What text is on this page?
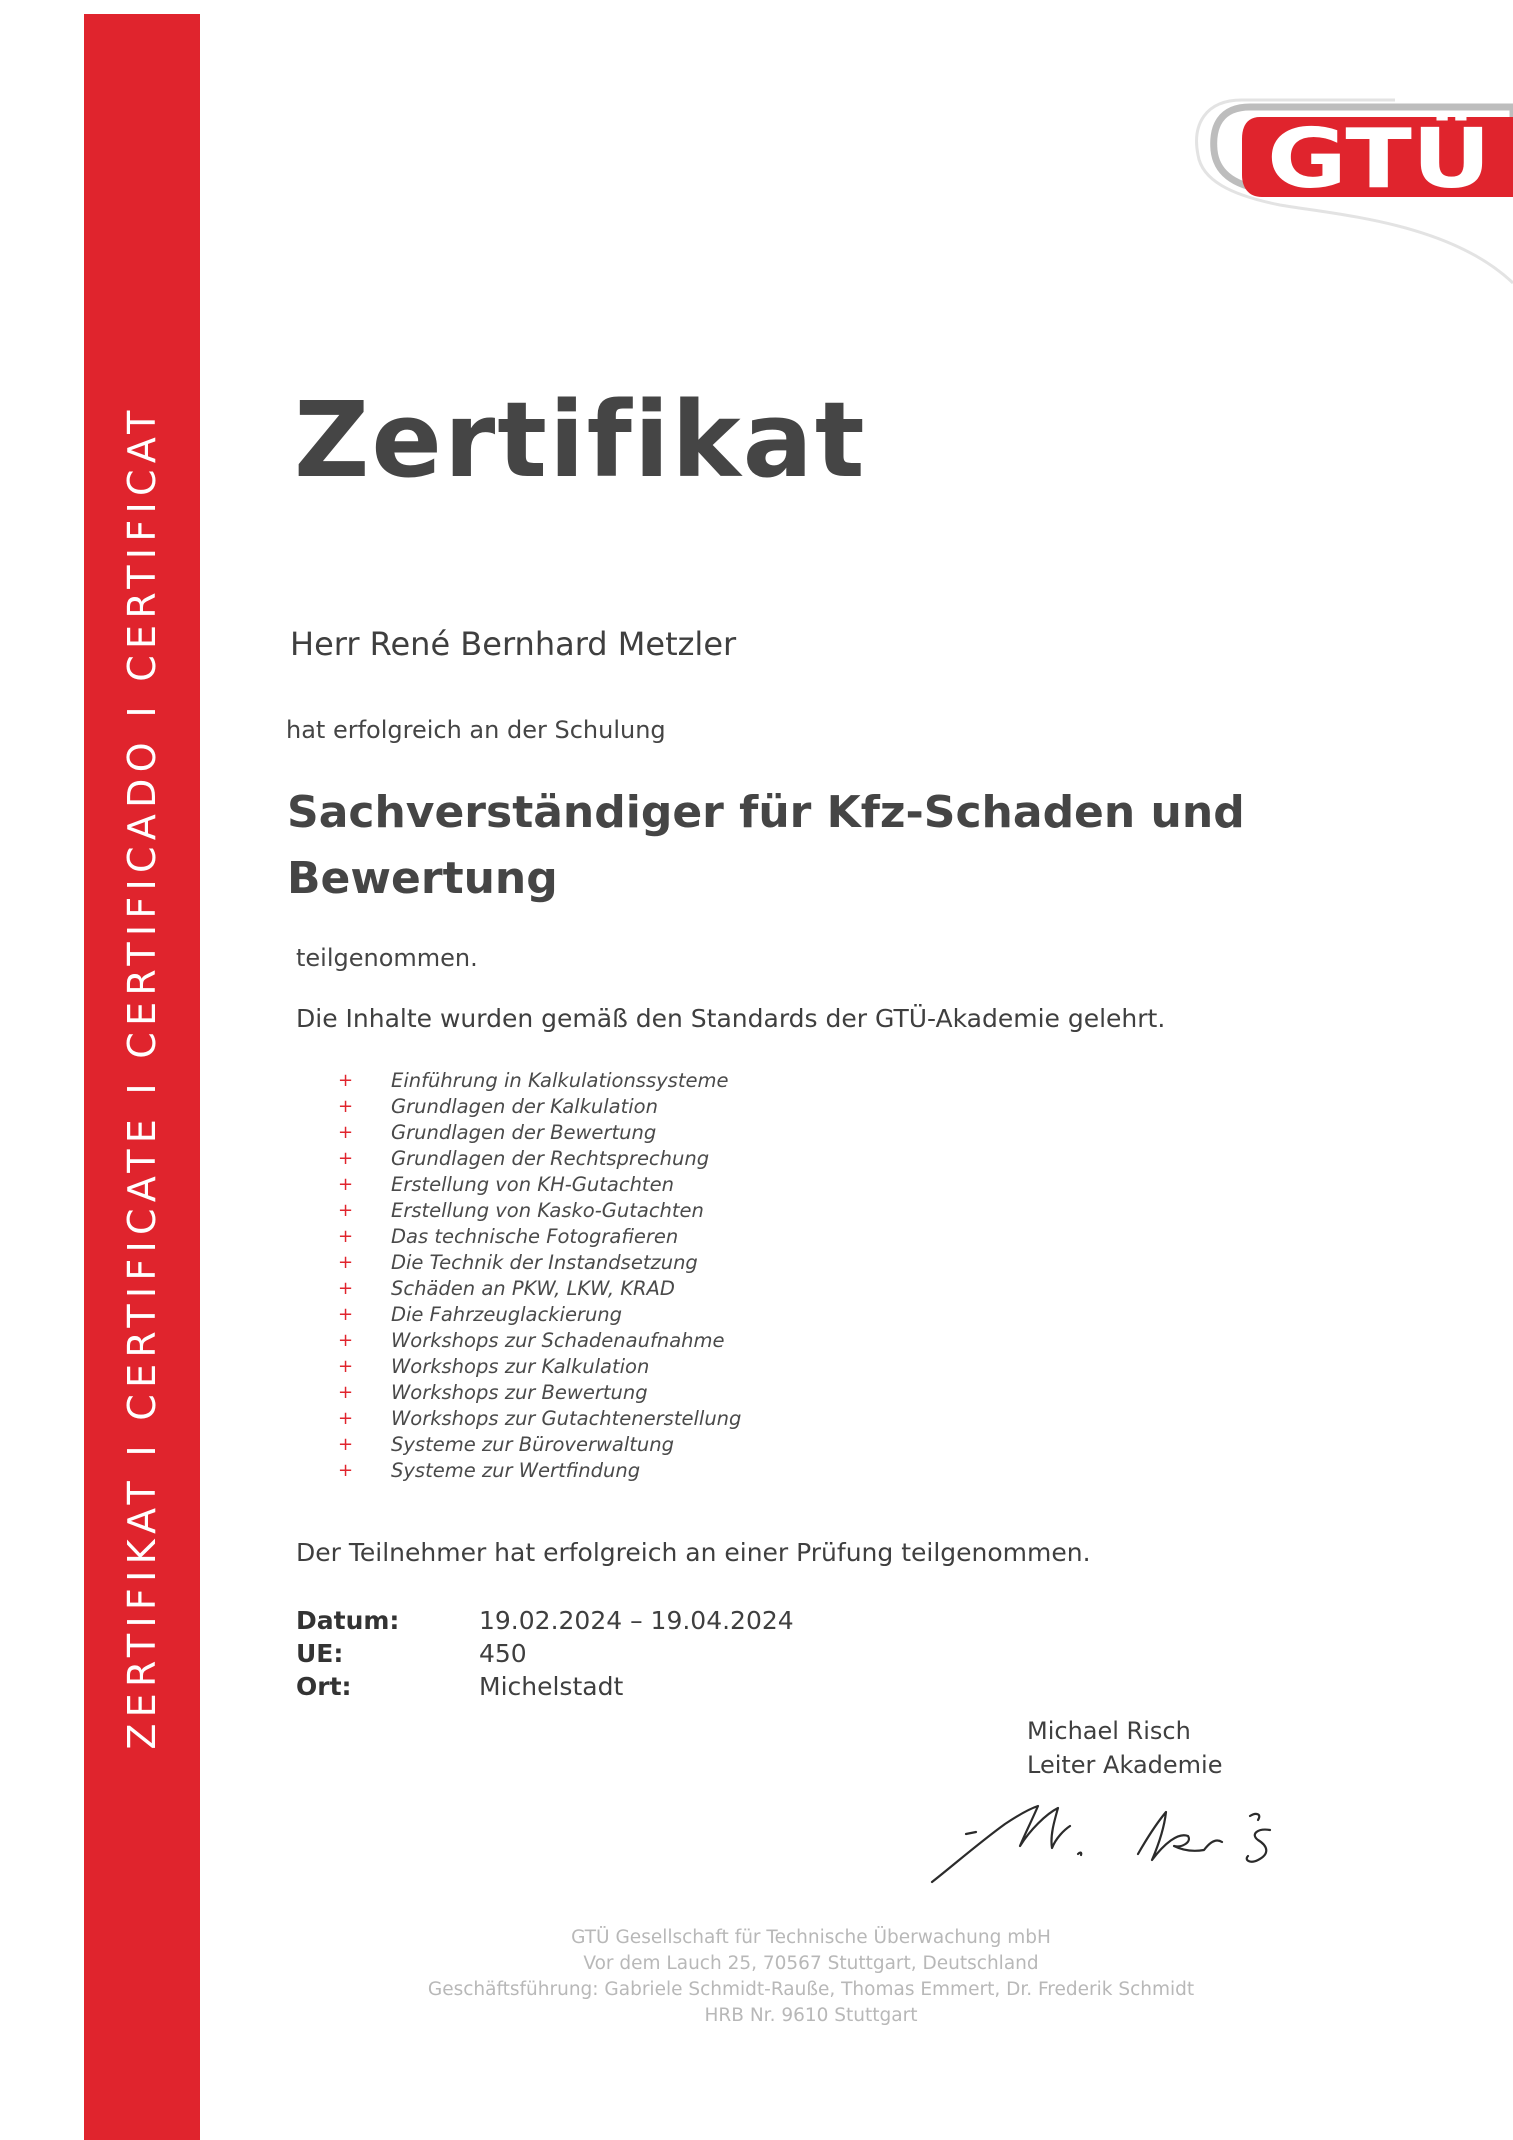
ZERTIFIKAT I CERTIFICATE I CERTIFICADO I CERTIFICAT
GTÜ
Zertifikat

Herr René Bernhard Metzler

hat erfolgreich an der Schulung

Sachverständiger für Kfz-Schaden und Bewertung

teilgenommen.

Die Inhalte wurden gemäß den Standards der GTÜ-Akademie gelehrt.

+	Einführung in Kalkulationssysteme
+	Grundlagen der Kalkulation
+	Grundlagen der Bewertung
+	Grundlagen der Rechtsprechung
+	Erstellung von KH-Gutachten
+	Erstellung von Kasko-Gutachten
+	Das technische Fotografieren
+	Die Technik der Instandsetzung
+	Schäden an PKW, LKW, KRAD
+	Die Fahrzeuglackierung
+	Workshops zur Schadenaufnahme
+	Workshops zur Kalkulation
+	Workshops zur Bewertung
+	Workshops zur Gutachtenerstellung
+	Systeme zur Büroverwaltung
+	Systeme zur Wertfindung

Der Teilnehmer hat erfolgreich an einer Prüfung teilgenommen.

Datum:	19.02.2024 – 19.04.2024
UE:	450
Ort:	Michelstadt
Michael Risch
Leiter Akademie
GTÜ Gesellschaft für Technische Überwachung mbH
Vor dem Lauch 25, 70567 Stuttgart, Deutschland
Geschäftsführung: Gabriele Schmidt-Raußе, Thomas Emmert, Dr. Frederik Schmidt
HRB Nr. 9610 Stuttgart
